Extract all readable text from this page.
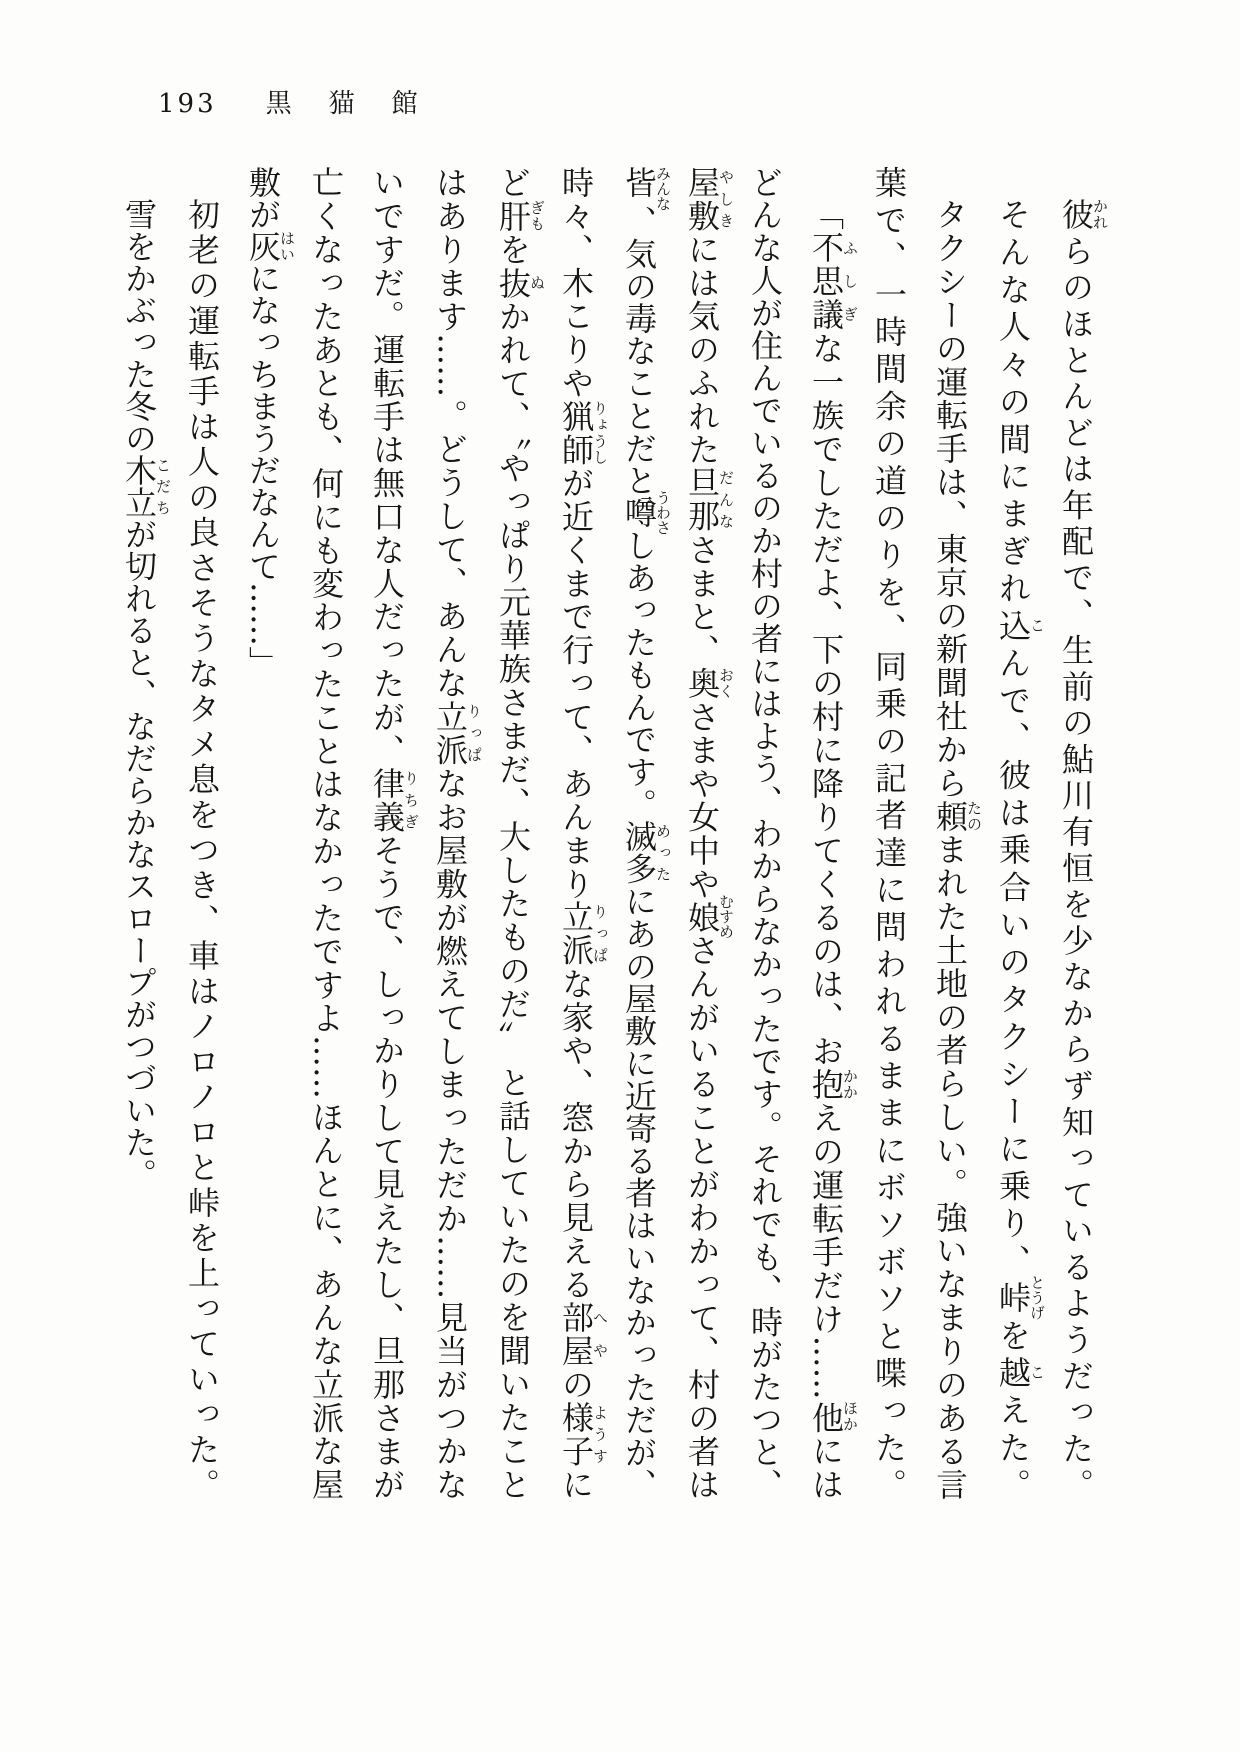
193 黒猫館

彼かれらのほとんどは年配で、生前の鮎川有恒を少なからず知っているようだった。

そんな人々の間にまぎれ込こんで、彼は乗合いのタクシーに乗り、峠とうげを越こえた。

タクシーの運転手は、東京の新聞社から頼たのまれた土地の者らしい。強いなまりのある言

葉で、一時間余の道のりを、同乗の記者達に問われるままにボソボソと喋った。

「不思議ふしぎな一族でしただよ、下の村に降りてくるのは、お抱かかえの運転手だけ……他ほかには

どんな人が住んでいるのか村の者にはよう、わからなかったです。それでも、時がたつと、

屋敷やしきには気のふれた旦那だんなさまと、奥おくさまや女中や娘むすめさんがいることがわかって、村の者は

皆みんな、気の毒なことだと噂うわさしあったもんです。滅多めったにあの屋敷に近寄る者はいなかっただが、

時々、木こりや猟師りょうしが近くまで行って、あんまり立派りっぱな家や、窓から見える部屋へやの様子ようすに

ど肝ぎもを抜ぬかれて、〝やっぱり元華族さまだ、大したものだ〞 と話していたのを聞いたこと

はあります……。どうして、あんな立派りっぱなお屋敷が燃えてしまっただか……見当がつかな

いですだ。運転手は無口な人だったが、律義りちぎそうで、しっかりして見えたし、旦那さまが

亡くなったあとも、何にも変わったことはなかったですよ……ほんとに、あんな立派な屋

敷が灰はいになっちまうだなんて……」

初老の運転手は人の良さそうなタメ息をつき、車はノロノロと峠を上っていった。

雪をかぶった冬の木立こだちが切れると、なだらかなスロープがつづいた。
